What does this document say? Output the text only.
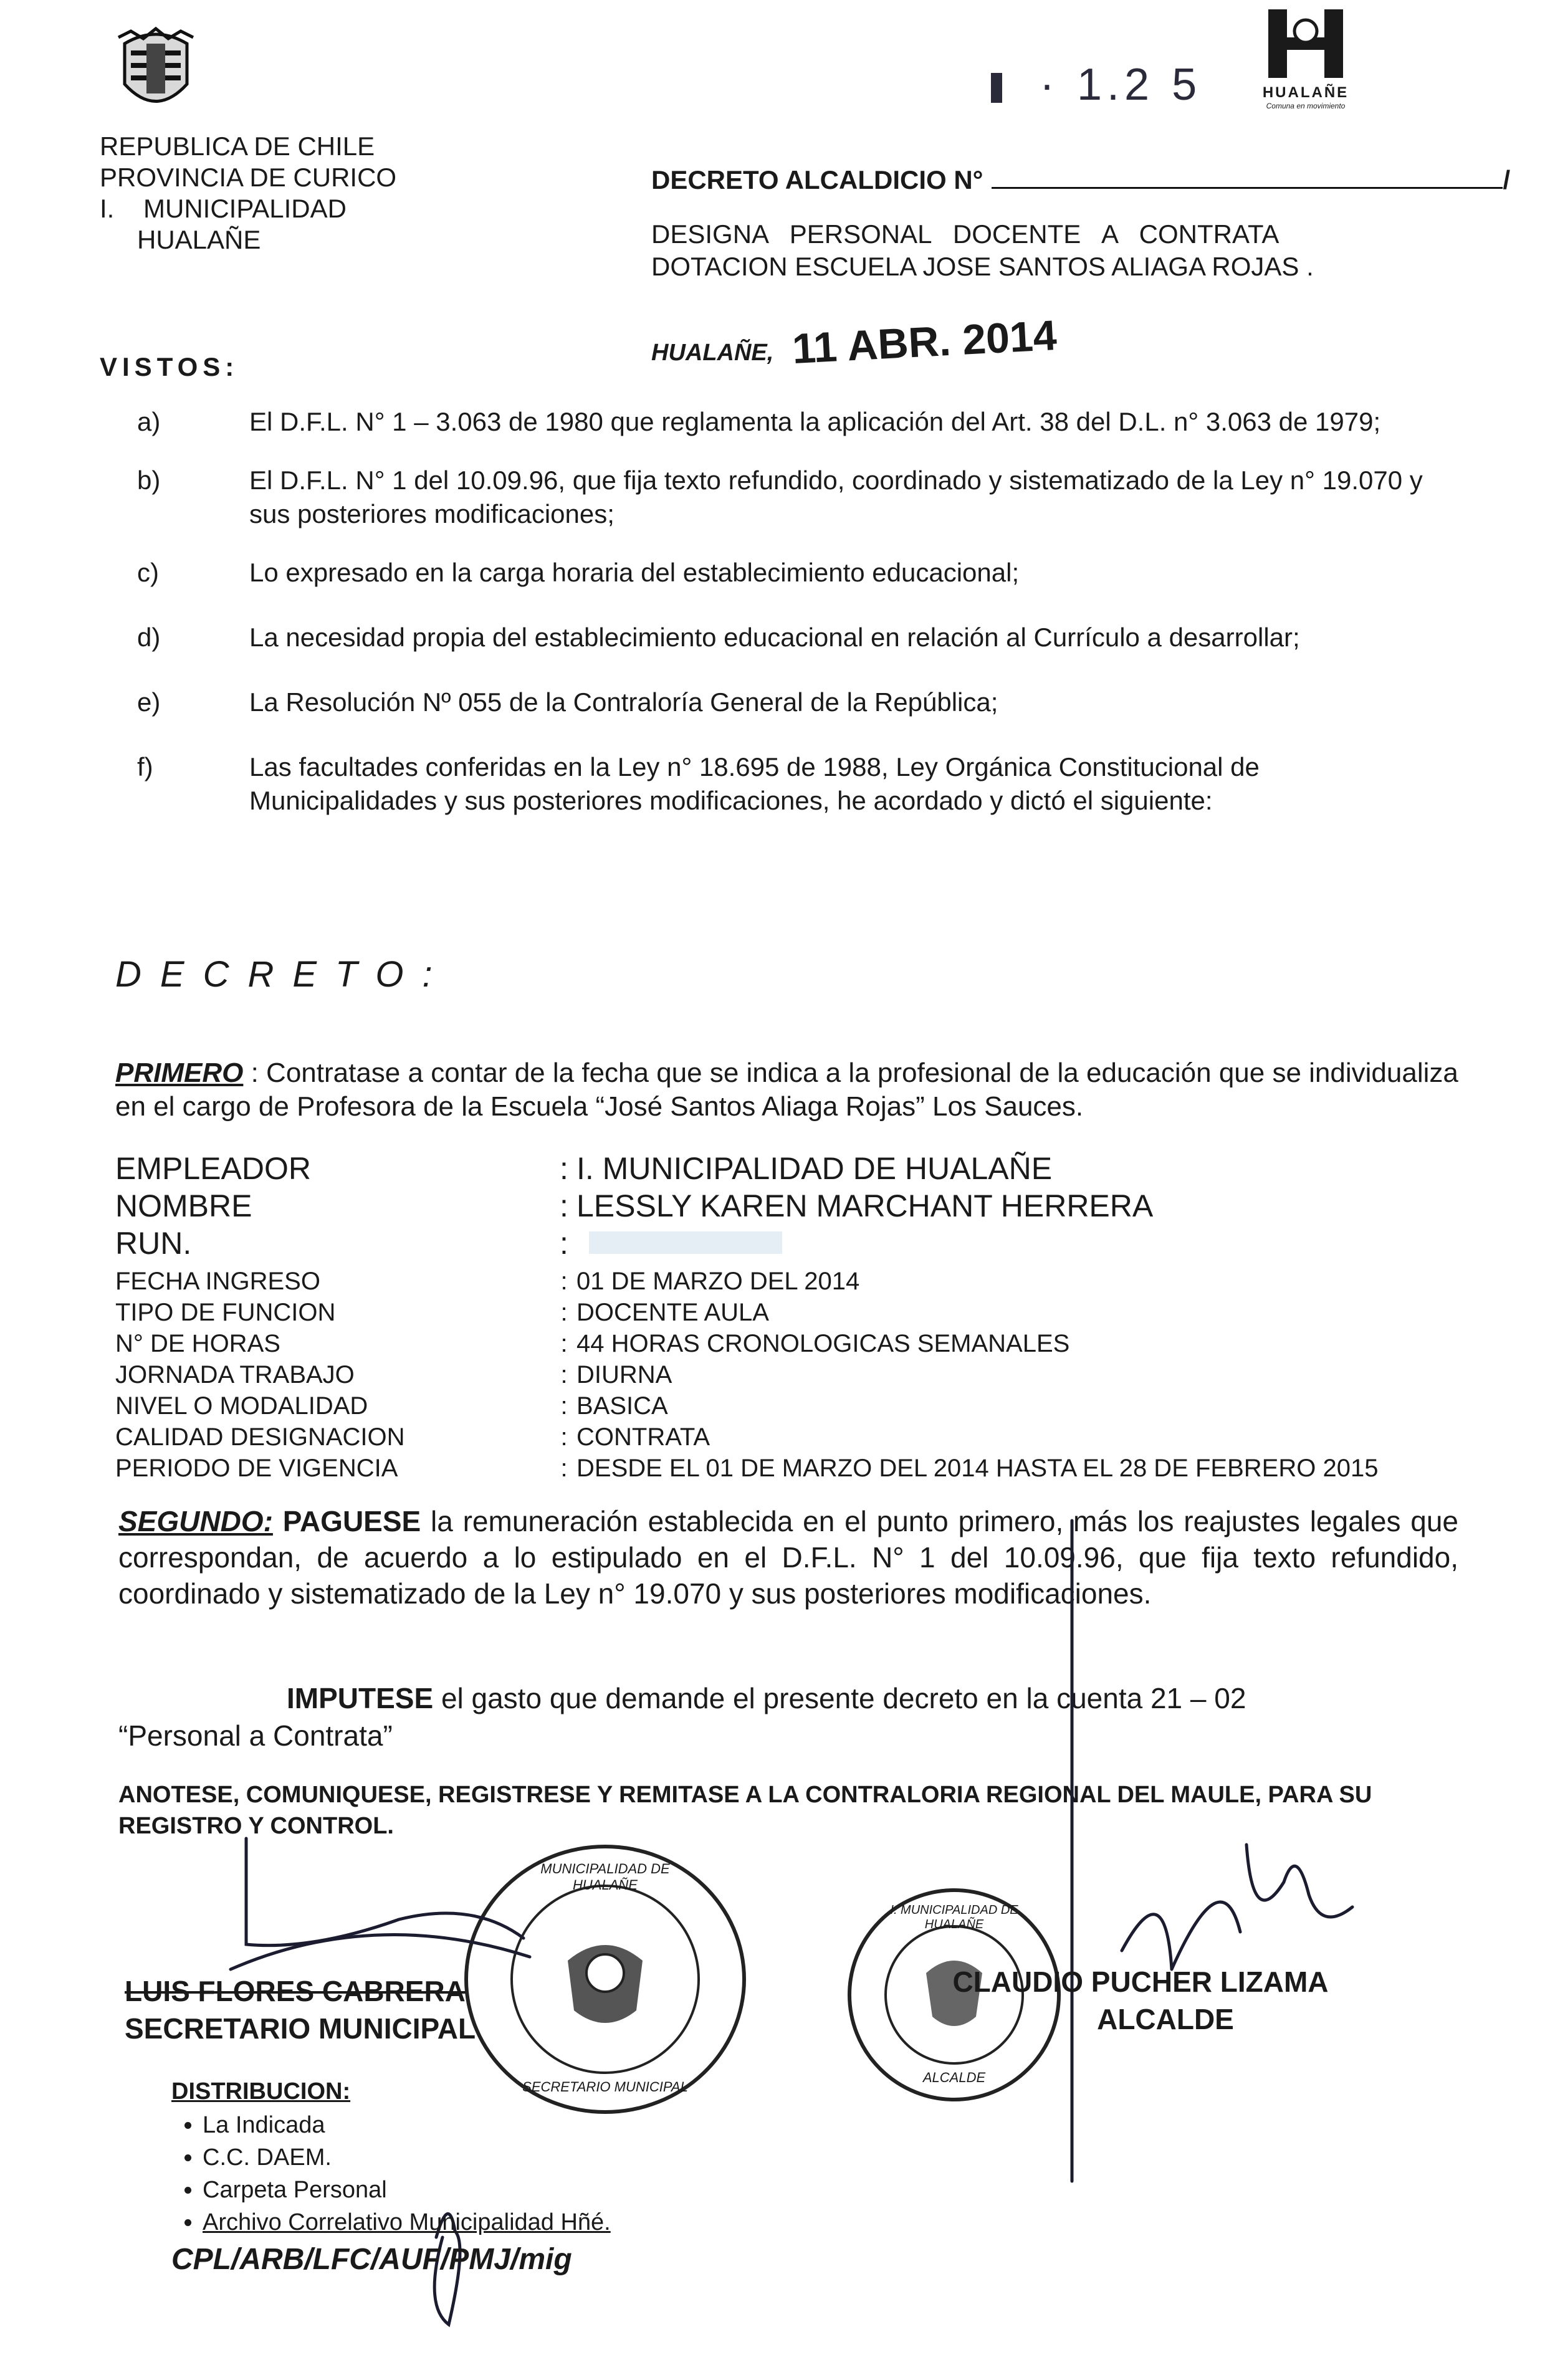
· 1.2 5	HUALAÑE
Comuna en movimiento
REPUBLICA DE CHILE
PROVINCIA DE CURICO
I.    MUNICIPALIDAD
HUALAÑE
DECRETO ALCALDICIO N°	/
DESIGNA   PERSONAL   DOCENTE   A   CONTRATA
DOTACION ESCUELA JOSE SANTOS ALIAGA ROJAS .
HUALAÑE, 11 ABR. 2014
VISTOS:
a)	El D.F.L. N° 1 – 3.063 de 1980 que reglamenta la aplicación del Art. 38 del D.L. n° 3.063 de 1979;
b)	El D.F.L. N° 1 del 10.09.96, que fija texto refundido, coordinado y sistematizado de la Ley n° 19.070 y sus posteriores modificaciones;
c)	Lo expresado en la carga horaria del establecimiento educacional;
d)	La necesidad propia del establecimiento educacional en relación al Currículo a desarrollar;
e)	La Resolución Nº 055 de la Contraloría General de la República;
f)	Las facultades conferidas en la Ley n° 18.695 de 1988, Ley Orgánica Constitucional de Municipalidades y sus posteriores modificaciones, he acordado y dictó el siguiente:
DECRETO:
PRIMERO : Contratase a contar de la fecha que se indica a la profesional de la educación que se individualiza en el cargo de Profesora de la Escuela “José Santos Aliaga Rojas” Los Sauces.
EMPLEADOR	: I. MUNICIPALIDAD DE HUALAÑE
NOMBRE	: LESSLY KAREN MARCHANT HERRERA
RUN.	:
FECHA INGRESO	: 01 DE MARZO DEL 2014
TIPO DE FUNCION	: DOCENTE AULA
N° DE HORAS	: 44 HORAS CRONOLOGICAS SEMANALES
JORNADA TRABAJO	: DIURNA
NIVEL O MODALIDAD	: BASICA
CALIDAD DESIGNACION	: CONTRATA
PERIODO DE VIGENCIA	: DESDE EL 01 DE MARZO DEL 2014 HASTA EL 28 DE FEBRERO 2015
SEGUNDO: PAGUESE la remuneración establecida en el punto primero, más los reajustes legales que correspondan, de acuerdo a lo estipulado en el D.F.L. N° 1 del 10.09.96, que fija texto refundido, coordinado y sistematizado de la Ley n° 19.070 y sus posteriores modificaciones.
IMPUTESE el gasto que demande el presente decreto en la cuenta 21 – 02
“Personal a Contrata”
ANOTESE, COMUNIQUESE, REGISTRESE Y REMITASE A LA CONTRALORIA REGIONAL DEL MAULE, PARA SU REGISTRO Y CONTROL.
MUNICIPALIDAD DE HUALAÑE
SECRETARIO MUNICIPAL
I. MUNICIPALIDAD DE HUALAÑE
ALCALDE
LUIS FLORES CABRERA
SECRETARIO MUNICIPAL
CLAUDIO PUCHER LIZAMA
ALCALDE
DISTRIBUCION:
• La Indicada
• C.C. DAEM.
• Carpeta Personal
• Archivo Correlativo Municipalidad Hñé.
CPL/ARB/LFC/AUF/PMJ/mig
